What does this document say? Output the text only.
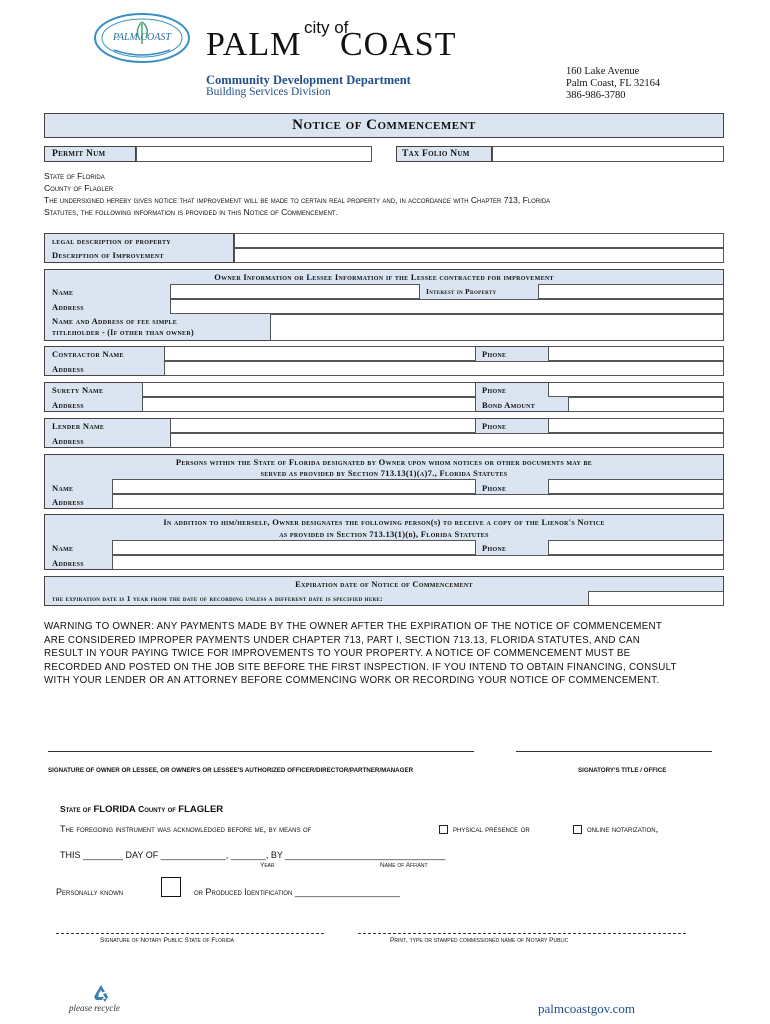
PALM COAST
city of
PALM COAST
Community Development Department
Building Services Division
160 Lake Avenue
Palm Coast, FL 32164
386-986-3780
Notice of Commencement
Permit Num	Tax Folio Num
State of Florida
County of Flagler
The undersigned hereby gives notice that improvement will be made to certain real property and, in accordance with Chapter 713, Florida
Statutes, the following information is provided in this Notice of Commencement.
legal description of property
Description of Improvement
Owner Information or Lessee Information if the Lessee contracted for improvement
Name	Interest in Property
Address
Name and Address of fee simple
titleholder - (If other than owner)
Contractor Name	Phone
Address
Surety Name	Phone
Address	Bond Amount
Lender Name	Phone
Address
Persons within the State of Florida designated by Owner upon whom notices or other documents may be
served as provided by Section 713.13(1)(a)7., Florida Statutes
Name	Phone
Address
In addition to him/herself, Owner designates the following person(s) to receive a copy of the Lienor's Notice
as provided in Section 713.13(1)(b), Florida Statutes
Name	Phone
Address
Expiration date of Notice of Commencement
the expiration date is 1 year from the date of recording unless a different date is specified here:
WARNING TO OWNER: ANY PAYMENTS MADE BY THE OWNER AFTER THE EXPIRATION OF THE NOTICE OF COMMENCEMENT
ARE CONSIDERED IMPROPER PAYMENTS UNDER CHAPTER 713, PART I, SECTION 713.13, FLORIDA STATUTES, AND CAN
RESULT IN YOUR PAYING TWICE FOR IMPROVEMENTS TO YOUR PROPERTY. A NOTICE OF COMMENCEMENT MUST BE
RECORDED AND POSTED ON THE JOB SITE BEFORE THE FIRST INSPECTION. IF YOU INTEND TO OBTAIN FINANCING, CONSULT
WITH YOUR LENDER OR AN ATTORNEY BEFORE COMMENCING WORK OR RECORDING YOUR NOTICE OF COMMENCEMENT.
SIGNATURE OF OWNER OR LESSEE, OR OWNER'S OR LESSEE'S AUTHORIZED OFFICER/DIRECTOR/PARTNER/MANAGER	SIGNATORY'S TITLE / OFFICE
State of FLORIDA County of FLAGLER
The foregoing instrument was acknowledged before me, by means of	physical presence or	online notarization,
THIS ________ DAY OF _____________, _______, BY ________________________________
Year	Name of Affiant
Personally known	or Produced Identification _____________________
Signature of Notary Public State of Florida	Print, type or stamped commissioned name of Notary Public
please recycle	palmcoastgov.com
